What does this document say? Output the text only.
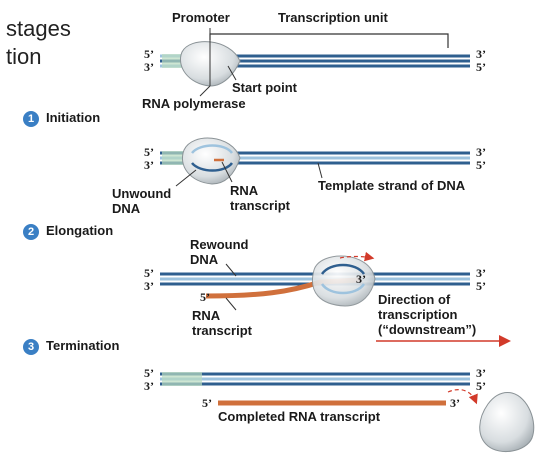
stages
tion
Promoter	Transcription unit
5’
3’
3’
5’
Start point
RNA polymerase
1 Initiation
5’
3’
3’
5’
Unwound
DNA
RNA
transcript
Template strand of DNA
2 Elongation
Rewound
DNA
5’
3’
3’
5’
5’
3’
RNA
transcript
Direction of
transcription
(“downstream”)
3 Termination
5’
3’
3’
5’
5’	3’
Completed RNA transcript
